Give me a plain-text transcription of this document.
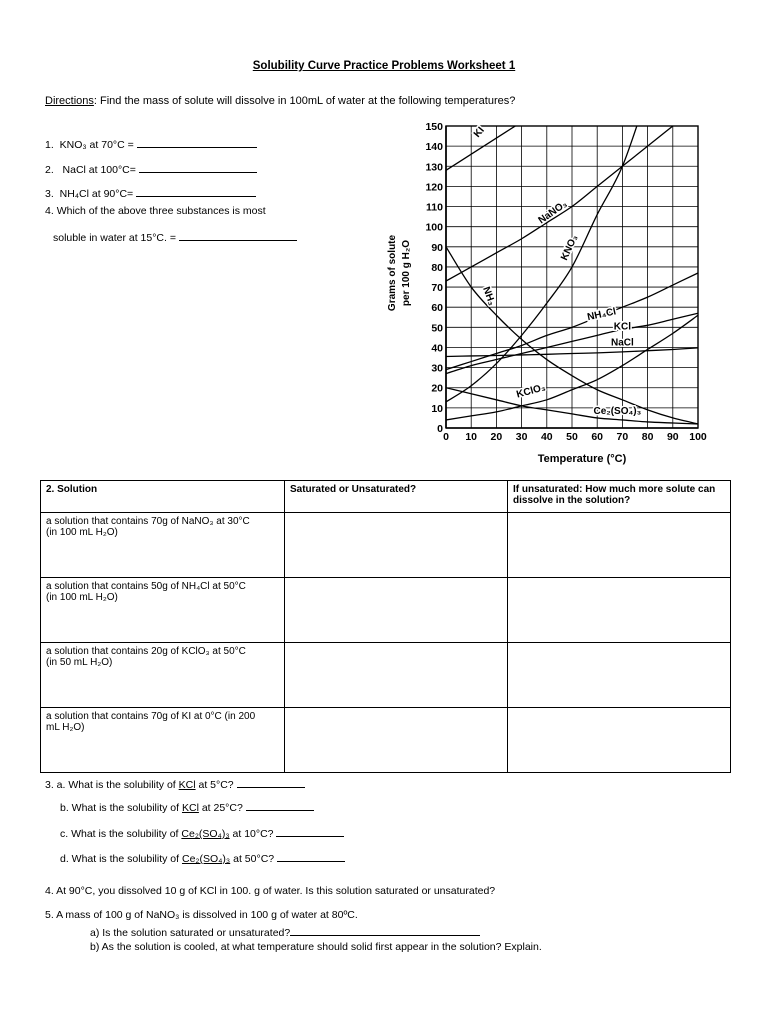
Solubility Curve Practice Problems Worksheet 1
Directions: Find the mass of solute will dissolve in 100mL of water at the following temperatures?
1. KNO₃ at 70°C =
2. NaCl at 100°C=
3. NH₄Cl at 90°C=
4. Which of the above three substances is most
soluble in water at 15°C. =
0 10 20 30 40 50 60 70 80 90 100
0
10
20
30
40
50
60
70
80
90
100
110
120
130
140
150	KI
NaNO₃
KNO₃
NH₃
NH₄Cl
KCl
NaCl
KClO₃
Ce₂(SO₄)₃
Temperature (°C)
Grams of solute per 100 g H₂O
2. Solution	Saturated or Unsaturated?	If unsaturated: How much more solute can dissolve in the solution?

a solution that contains 70g of NaNO₃ at 30°C
(in 100 mL H₂O)		

a solution that contains 50g of NH₄Cl at 50°C
(in 100 mL H₂O)		

a solution that contains 20g of KClO₃ at 50°C
(in 50 mL H₂O)		

a solution that contains 70g of KI at 0°C (in 200
mL H₂O)		

3. a. What is the solubility of KCl at 5°C?
b. What is the solubility of KCl at 25°C?
c. What is the solubility of Ce₂(SO₄)₃ at 10°C?
d. What is the solubility of Ce₂(SO₄)₃ at 50°C?
4. At 90°C, you dissolved 10 g of KCl in 100. g of water. Is this solution saturated or unsaturated?
5. A mass of 100 g of NaNO₃ is dissolved in 100 g of water at 80ºC.
a) Is the solution saturated or unsaturated?
b) As the solution is cooled, at what temperature should solid first appear in the solution? Explain.
